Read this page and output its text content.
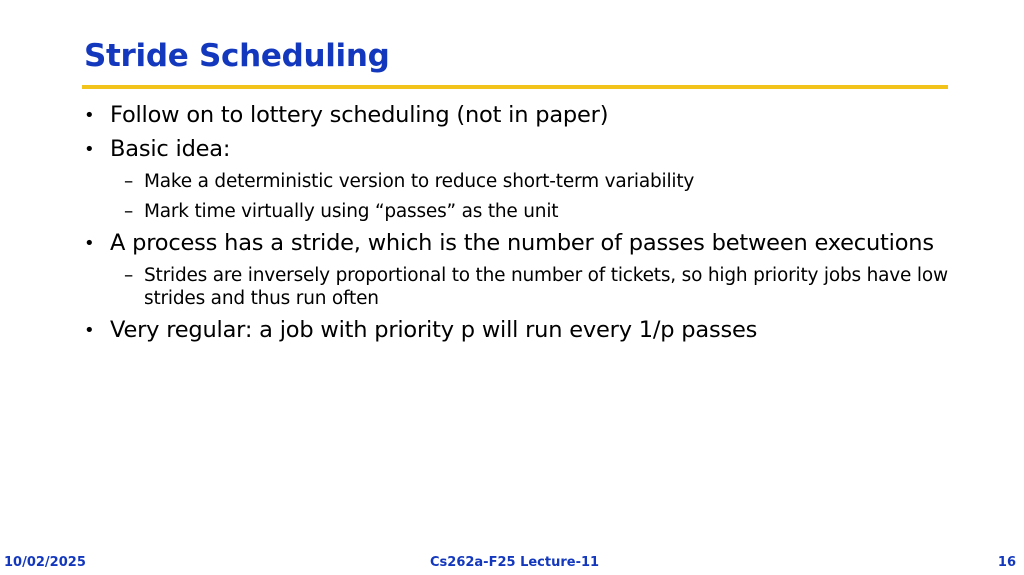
Stride Scheduling
• Follow on to lottery scheduling (not in paper)
• Basic idea:
– Make a deterministic version to reduce short-term variability
– Mark time virtually using “passes” as the unit
• A process has a stride, which is the number of passes between executions
– Strides are inversely proportional to the number of tickets, so high priority jobs have low strides and thus run often
• Very regular: a job with priority p will run every 1/p passes
10/02/2025	Cs262a-F25 Lecture-11	16
